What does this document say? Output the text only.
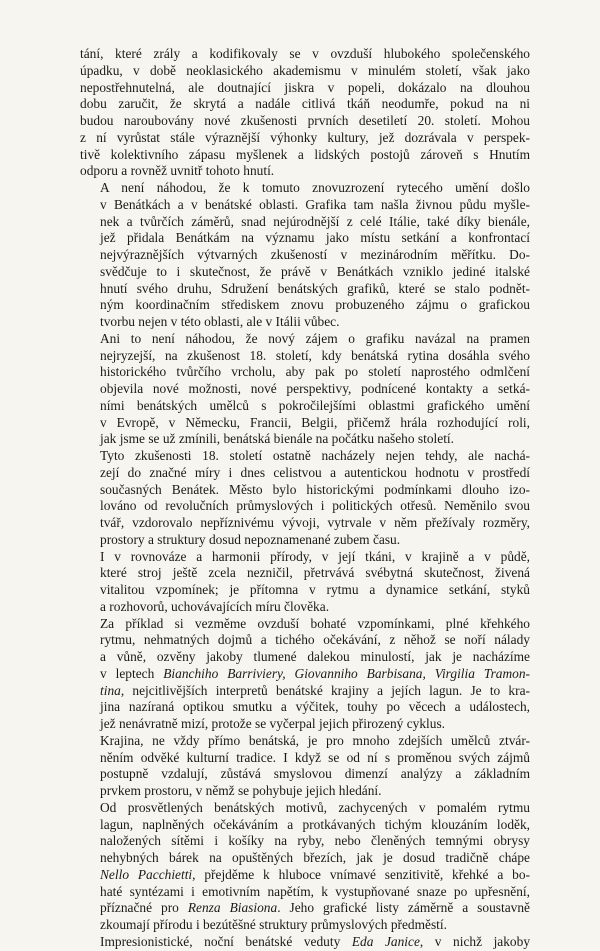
tání, které zrály a kodifikovaly se v ovzduší hlubokého společenského
úpadku, v době neoklasického akademismu v minulém století, však jako
nepostřehnutelná, ale doutnající jiskra v popeli, dokázalo na dlouhou
dobu zaručit, že skrytá a nadále citlivá tkáň neodumře, pokud na ni
budou naroubovány nové zkušenosti prvních desetiletí 20. století. Mohou
z ní vyrůstat stále výraznější výhonky kultury, jež dozrávala v perspek-
tivě kolektivního zápasu myšlenek a lidských postojů zároveň s Hnutím
odporu a rovněž uvnitř tohoto hnutí.

A není náhodou, že k tomuto znovuzrození rytecého umění došlo
v Benátkách a v benátské oblasti. Grafika tam našla živnou půdu myšle-
nek a tvůrčích záměrů, snad nejúrodnější z celé Itálie, také díky bienále,
jež přidala Benátkám na významu jako místu setkání a konfrontací
nejvýraznějších výtvarných zkušeností v mezinárodním měřítku. Do-
svědčuje to i skutečnost, že právě v Benátkách vzniklo jediné italské
hnutí svého druhu, Sdružení benátských grafiků, které se stalo podnět-
ným koordinačním střediskem znovu probuzeného zájmu o grafickou
tvorbu nejen v této oblasti, ale v Itálii vůbec.

Ani to není náhodou, že nový zájem o grafiku navázal na pramen
nejryzejší, na zkušenost 18. století, kdy benátská rytina dosáhla svého
historického tvůrčího vrcholu, aby pak po století naprostého odmlčení
objevila nové možnosti, nové perspektivy, podnícené kontakty a setká-
ními benátských umělců s pokročilejšími oblastmi grafického umění
v Evropě, v Německu, Francii, Belgii, přičemž hrála rozhodující roli,
jak jsme se už zmínili, benátská bienále na počátku našeho století.

Tyto zkušenosti 18. století ostatně nacházely nejen tehdy, ale nachá-
zejí do značné míry i dnes celistvou a autentickou hodnotu v prostředí
současných Benátek. Město bylo historickými podmínkami dlouho izo-
lováno od revolučních průmyslových i politických otřesů. Neměnilo svou
tvář, vzdorovalo nepříznivému vývoji, vytrvale v něm přežívaly rozměry,
prostory a struktury dosud nepoznamenané zubem času.

I v rovnováze a harmonii přírody, v její tkáni, v krajině a v půdě,
které stroj ještě zcela nezničil, přetrvává svébytná skutečnost, živená
vitalitou vzpomínek; je přítomna v rytmu a dynamice setkání, styků
a rozhovorů, uchovávajících míru člověka.

Za příklad si vezměme ovzduší bohaté vzpomínkami, plné křehkého
rytmu, nehmatných dojmů a tichého očekávání, z něhož se noří nálady
a vůně, ozvěny jakoby tlumené dalekou minulostí, jak je nacházíme
v leptech Bianchiho Barriviery, Giovanniho Barbisana, Virgilia Tramon-
tina, nejcitlivějších interpretů benátské krajiny a jejích lagun. Je to kra-
jina nazíraná optikou smutku a výčitek, touhy po věcech a událostech,
jež nenávratně mizí, protože se vyčerpal jejich přirozený cyklus.

Krajina, ne vždy přímo benátská, je pro mnoho zdejších umělců ztvár-
něním odvěké kulturní tradice. I když se od ní s proměnou svých zájmů
postupně vzdalují, zůstává smyslovou dimenzí analýzy a základním
prvkem prostoru, v němž se pohybuje jejich hledání.

Od prosvětlených benátských motivů, zachycených v pomalém rytmu
lagun, naplněných očekáváním a protkávaných tichým klouzáním loděk,
naložených sítěmi i košíky na ryby, nebo členěných temnými obrysy
nehybných bárek na opuštěných březích, jak je dosud tradičně chápe
Nello Pacchietti, přejděme k hluboce vnímavé senzitivitě, křehké a bo-
haté syntézami i emotivním napětím, k vystupňované snaze po upřesnění,
příznačné pro Renza Biasiona. Jeho grafické listy záměrně a soustavně
zkoumají přírodu i bezútěšné struktury průmyslových předměstí.

Impresionistické, noční benátské veduty Eda Janice, v nichž jakoby
